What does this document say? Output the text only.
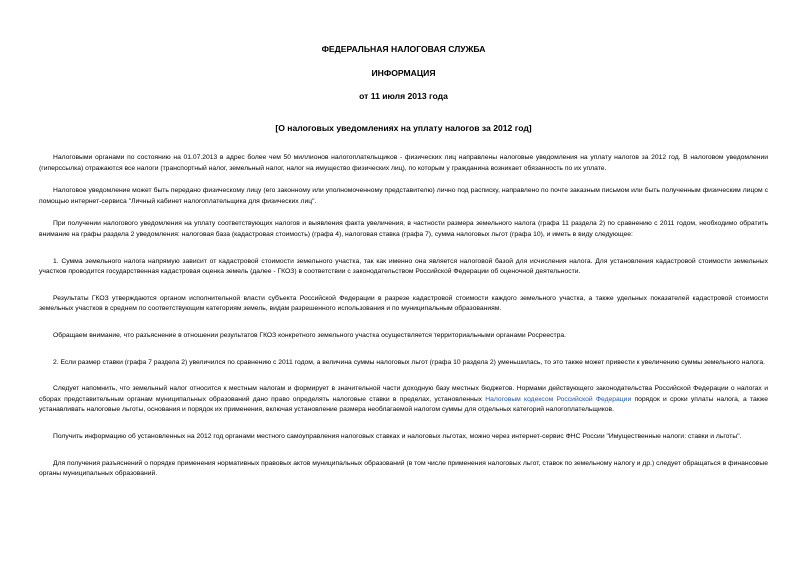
ФЕДЕРАЛЬНАЯ НАЛОГОВАЯ СЛУЖБА
ИНФОРМАЦИЯ
от 11 июля 2013 года
[О налоговых уведомлениях на уплату налогов за 2012 год]

Налоговыми органами по состоянию на 01.07.2013 в адрес более чем 50 миллионов налогоплательщиков - физических лиц направлены налоговые уведомления на уплату налогов за 2012 год. В налоговом уведомлении (гиперссылка) отражаются все налоги (транспортный налог, земельный налог, налог на имущество физических лиц), по которым у гражданина возникает обязанность по их уплате.

Налоговое уведомление может быть передано физическому лицу (его законному или уполномоченному представителю) лично под расписку, направлено по почте заказным письмом или быть полученным физическим лицом с помощью интернет-сервиса "Личный кабинет налогоплательщика для физических лиц".

При получении налогового уведомления на уплату соответствующих налогов и выявления факта увеличения, в частности размера земельного налога (графа 11 раздела 2) по сравнению с 2011 годом, необходимо обратить внимание на графы раздела 2 уведомления: налоговая база (кадастровая стоимость) (графа 4), налоговая ставка (графа 7), сумма налоговых льгот (графа 10), и иметь в виду следующее:

1. Сумма земельного налога напрямую зависит от кадастровой стоимости земельного участка, так как именно она является налоговой базой для исчисления налога. Для установления кадастровой стоимости земельных участков проводится государственная кадастровая оценка земель (далее - ГКОЗ) в соответствии с законодательством Российской Федерации об оценочной деятельности.

Результаты ГКОЗ утверждаются органом исполнительной власти субъекта Российской Федерации в разрезе кадастровой стоимости каждого земельного участка, а также удельных показателей кадастровой стоимости земельных участков в среднем по соответствующим категориям земель, видам разрешенного использования и по муниципальным образованиям.

Обращаем внимание, что разъяснение в отношении результатов ГКОЗ конкретного земельного участка осуществляется территориальными органами Росреестра.

2. Если размер ставки (графа 7 раздела 2) увеличился по сравнению с 2011 годом, а величина суммы налоговых льгот (графа 10 раздела 2) уменьшилась, то это также может привести к увеличению суммы земельного налога.

Следует напомнить, что земельный налог относится к местным налогам и формирует в значительной части доходную базу местных бюджетов. Нормами действующего законодательства Российской Федерации о налогах и сборах представительным органам муниципальных образований дано право определять налоговые ставки в пределах, установленных Налоговым кодексом Российской Федерации порядок и сроки уплаты налога, а также устанавливать налоговые льготы, основания и порядок их применения, включая установление размера необлагаемой налогом суммы для отдельных категорий налогоплательщиков.

Получить информацию об установленных на 2012 год органами местного самоуправления налоговых ставках и налоговых льготах, можно через интернет-сервис ФНС России "Имущественные налоги: ставки и льготы".

Для получения разъяснений о порядке применения нормативных правовых актов муниципальных образований (в том числе применения налоговых льгот, ставок по земельному налогу и др.) следует обращаться в финансовые органы муниципальных образований.
